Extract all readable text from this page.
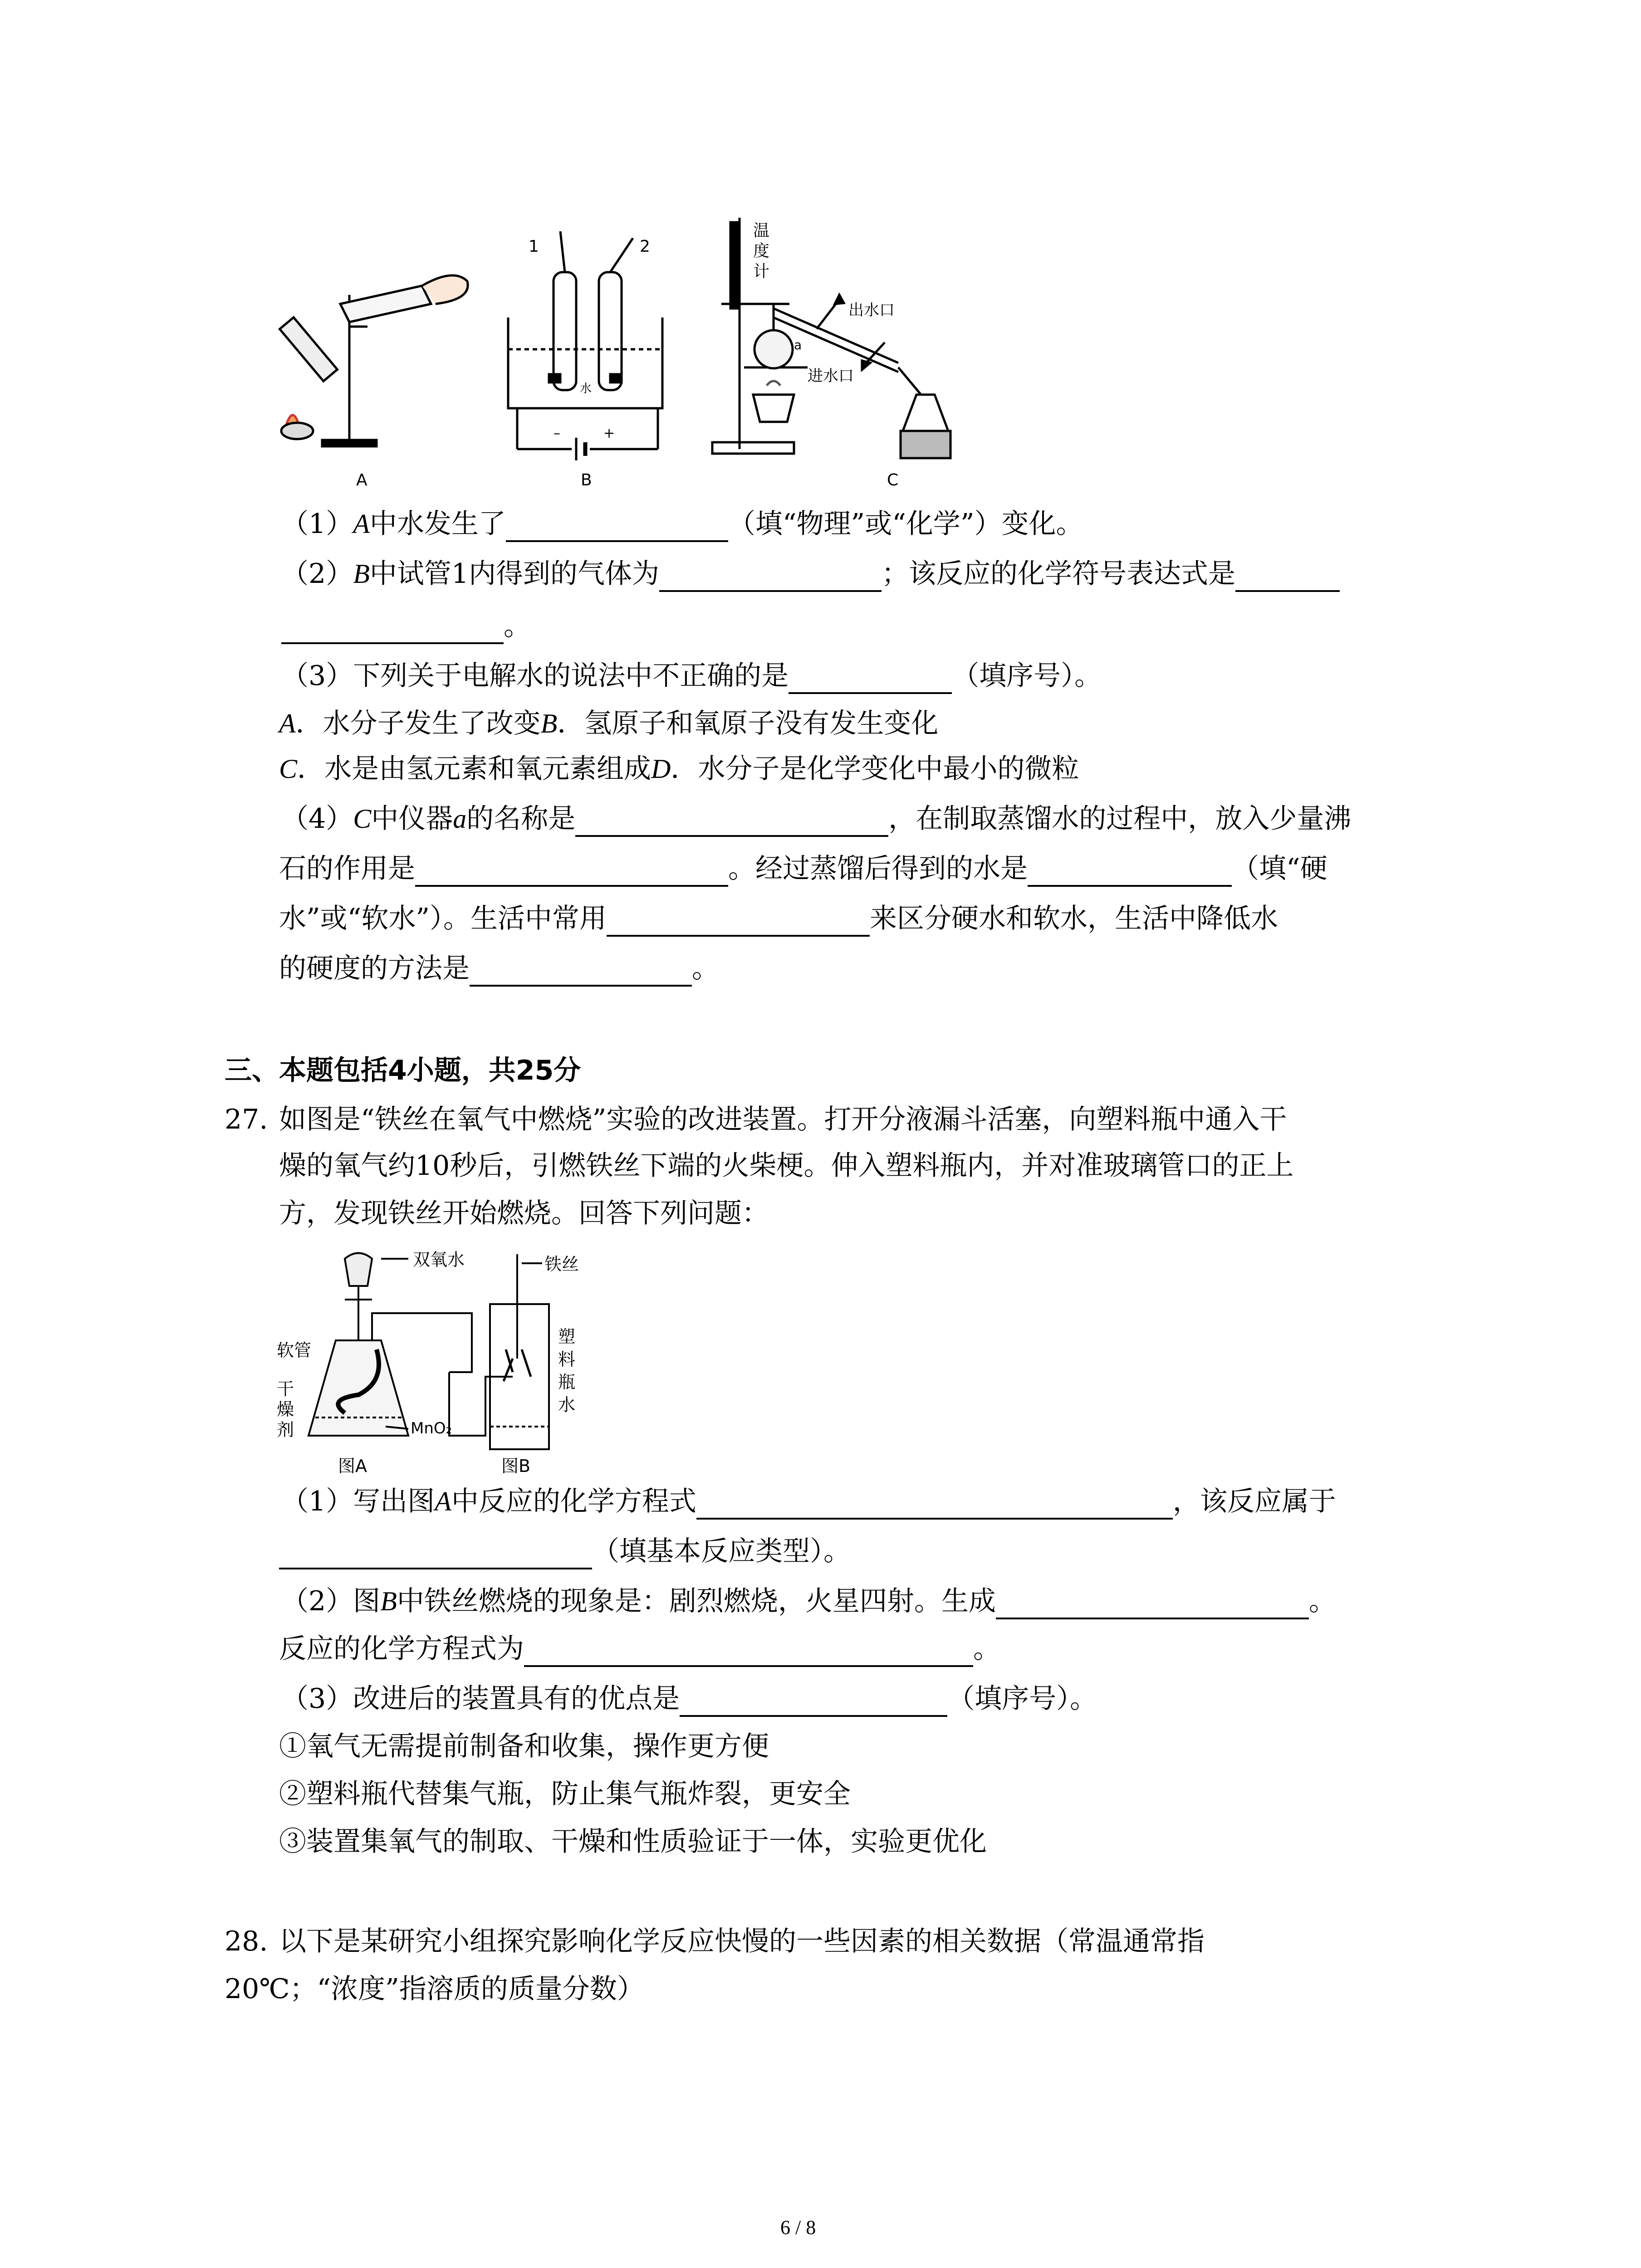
A
1	2
水
–	+
B
温
度
计
出水口
进水口
a
C
（1）A中水发生了	（填“物理”或“化学”）变化。
（2）B中试管1内得到的气体为	；该反应的化学符号表达式是
。
（3）下列关于电解水的说法中不正确的是	（填序号）。
A．水分子发生了改变B．氢原子和氧原子没有发生变化
C．水是由氢元素和氧元素组成D．水分子是化学变化中最小的微粒
（4）C中仪器a的名称是	，在制取蒸馏水的过程中，放入少量沸
石的作用是	。经过蒸馏后得到的水是	（填“硬
水”或“软水”）。生活中常用	来区分硬水和软水，生活中降低水
的硬度的方法是	。
三、本题包括4小题，共25分
27. 如图是“铁丝在氧气中燃烧”实验的改进装置。打开分液漏斗活塞，向塑料瓶中通入干
燥的氧气约10秒后，引燃铁丝下端的火柴梗。伸入塑料瓶内，并对准玻璃管口的正上
方，发现铁丝开始燃烧。回答下列问题：
双氧水
软管
干
燥
剂	MnO₂
铁丝
塑
料
瓶
水
图A	图B
（1）写出图A中反应的化学方程式	，该反应属于
（填基本反应类型）。
（2）图B中铁丝燃烧的现象是：剧烈燃烧，火星四射。生成	。
反应的化学方程式为	。
（3）改进后的装置具有的优点是	（填序号）。
①氧气无需提前制备和收集，操作更方便
②塑料瓶代替集气瓶，防止集气瓶炸裂，更安全
③装置集氧气的制取、干燥和性质验证于一体，实验更优化
28. 以下是某研究小组探究影响化学反应快慢的一些因素的相关数据（常温通常指
20℃；“浓度”指溶质的质量分数）
6 / 8
